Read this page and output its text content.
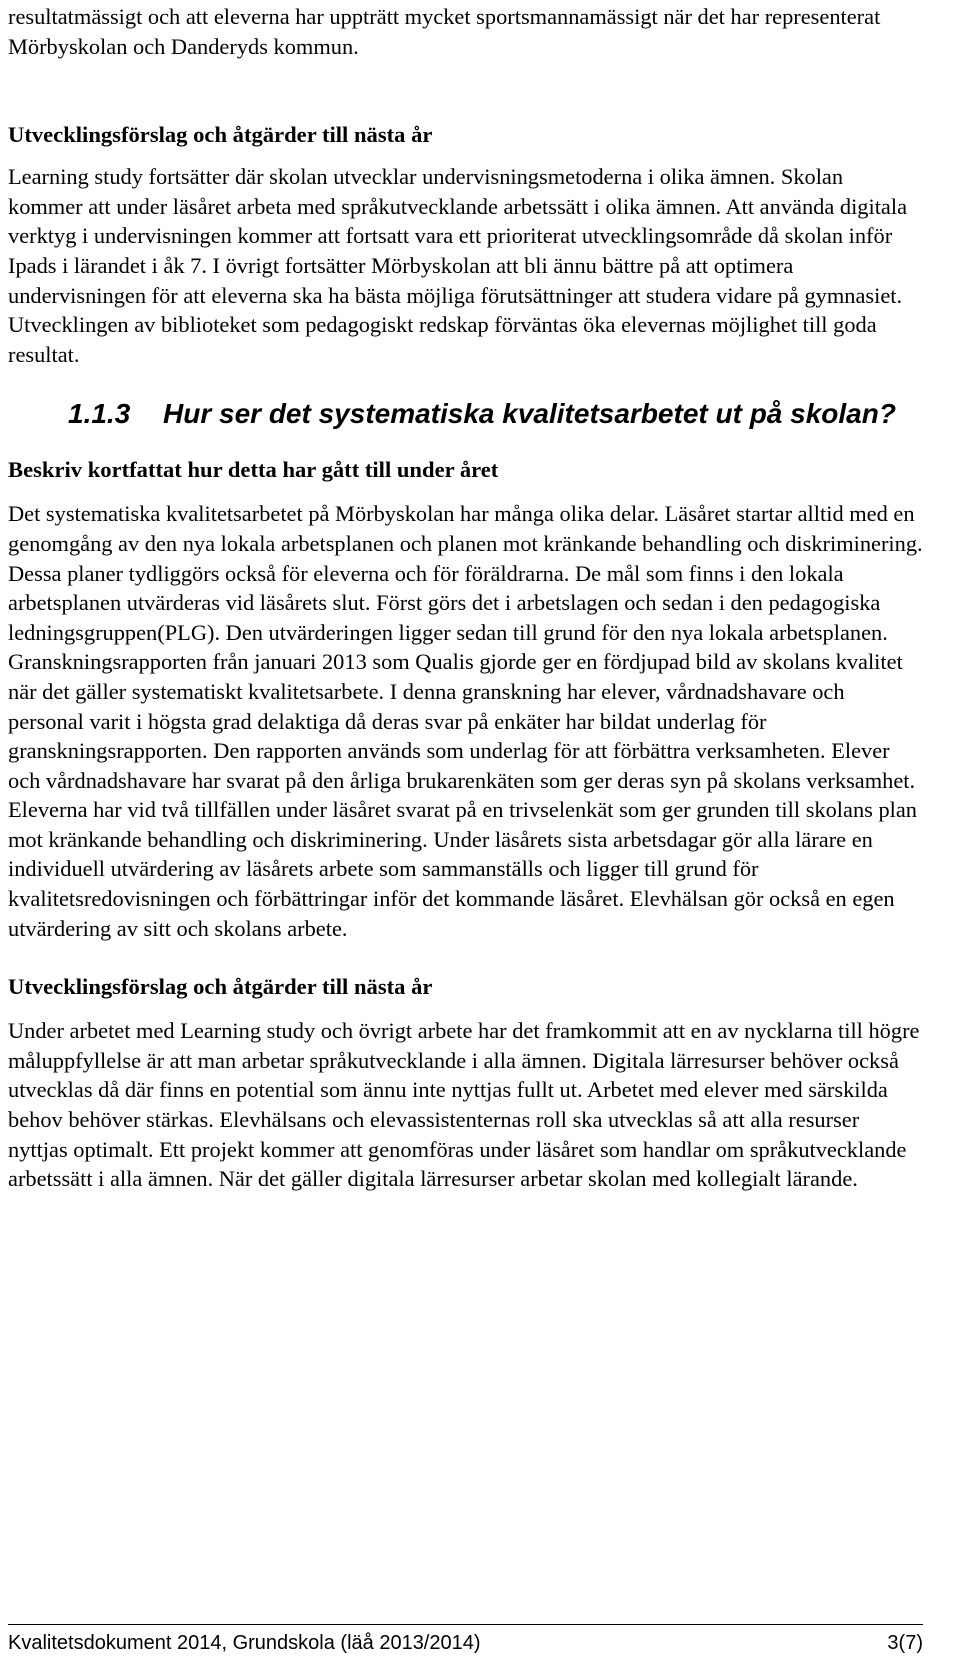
resultatmässigt och att eleverna har uppträtt mycket sportsmannamässigt när det har representerat Mörbyskolan och Danderyds kommun.

Utvecklingsförslag och åtgärder till nästa år

Learning study fortsätter där skolan utvecklar undervisningsmetoderna i olika ämnen. Skolan kommer att under läsåret arbeta med språkutvecklande arbetssätt i olika ämnen. Att använda digitala verktyg i undervisningen kommer att fortsatt vara ett prioriterat utvecklingsområde då skolan inför Ipads i lärandet i åk 7. I övrigt fortsätter Mörbyskolan att bli ännu bättre på att optimera undervisningen för att eleverna ska ha bästa möjliga förutsättninger att studera vidare på gymnasiet. Utvecklingen av biblioteket som pedagogiskt redskap förväntas öka elevernas möjlighet till goda resultat.

1.1.3	Hur ser det systematiska kvalitetsarbetet ut på skolan?

Beskriv kortfattat hur detta har gått till under året

Det systematiska kvalitetsarbetet på Mörbyskolan har många olika delar. Läsåret startar alltid med en genomgång av den nya lokala arbetsplanen och planen mot kränkande behandling och diskriminering. Dessa planer tydliggörs också för eleverna och för föräldrarna. De mål som finns i den lokala arbetsplanen utvärderas vid läsårets slut. Först görs det i arbetslagen och sedan i den pedagogiska ledningsgruppen(PLG). Den utvärderingen ligger sedan till grund för den nya lokala arbetsplanen. Granskningsrapporten från januari 2013 som Qualis gjorde ger en fördjupad bild av skolans kvalitet när det gäller systematiskt kvalitetsarbete. I denna granskning har elever, vårdnadshavare och personal varit i högsta grad delaktiga då deras svar på enkäter har bildat underlag för granskningsrapporten. Den rapporten används som underlag för att förbättra verksamheten. Elever och vårdnadshavare har svarat på den årliga brukarenkäten som ger deras syn på skolans verksamhet. Eleverna har vid två tillfällen under läsåret svarat på en trivselenkät som ger grunden till skolans plan mot kränkande behandling och diskriminering. Under läsårets sista arbetsdagar gör alla lärare en individuell utvärdering av läsårets arbete som sammanställs och ligger till grund för kvalitetsredovisningen och förbättringar inför det kommande läsåret. Elevhälsan gör också en egen utvärdering av sitt och skolans arbete.

Utvecklingsförslag och åtgärder till nästa år

Under arbetet med Learning study och övrigt arbete har det framkommit att en av nycklarna till högre måluppfyllelse är att man arbetar språkutvecklande i alla ämnen. Digitala lärresurser behöver också utvecklas då där finns en potential som ännu inte nyttjas fullt ut. Arbetet med elever med särskilda behov behöver stärkas. Elevhälsans och elevassistenternas roll ska utvecklas så att alla resurser nyttjas optimalt. Ett projekt kommer att genomföras under läsåret som handlar om språkutvecklande arbetssätt i alla ämnen. När det gäller digitala lärresurser arbetar skolan med kollegialt lärande.

Kvalitetsdokument 2014, Grundskola (läå 2013/2014)	3(7)
